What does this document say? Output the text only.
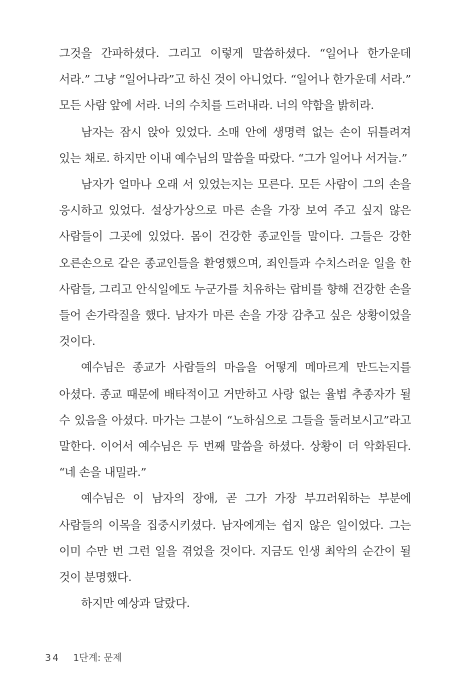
그것을 간파하셨다. 그리고 이렇게 말씀하셨다. “일어나 한가운데 서라.” 그냥 “일어나라”고 하신 것이 아니었다. “일어나 한가운데 서라.” 모든 사람 앞에 서라. 너의 수치를 드러내라. 너의 약함을 밝히라.

남자는 잠시 앉아 있었다. 소매 안에 생명력 없는 손이 뒤틀려져 있는 채로. 하지만 이내 예수님의 말씀을 따랐다. “그가 일어나 서거늘.”

남자가 얼마나 오래 서 있었는지는 모른다. 모든 사람이 그의 손을 응시하고 있었다. 설상가상으로 마른 손을 가장 보여 주고 싶지 않은 사람들이 그곳에 있었다. 몸이 건강한 종교인들 말이다. 그들은 강한 오른손으로 같은 종교인들을 환영했으며, 죄인들과 수치스러운 일을 한 사람들, 그리고 안식일에도 누군가를 치유하는 랍비를 향해 건강한 손을 들어 손가락질을 했다. 남자가 마른 손을 가장 감추고 싶은 상황이었을 것이다.

예수님은 종교가 사람들의 마음을 어떻게 메마르게 만드는지를 아셨다. 종교 때문에 배타적이고 거만하고 사랑 없는 율법 추종자가 될 수 있음을 아셨다. 마가는 그분이 “노하심으로 그들을 둘러보시고”라고 말한다. 이어서 예수님은 두 번째 말씀을 하셨다. 상황이 더 악화된다. “네 손을 내밀라.”

예수님은 이 남자의 장애, 곧 그가 가장 부끄러워하는 부분에 사람들의 이목을 집중시키셨다. 남자에게는 쉽지 않은 일이었다. 그는 이미 수만 번 그런 일을 겪었을 것이다. 지금도 인생 최악의 순간이 될 것이 분명했다.

하지만 예상과 달랐다.

34 1단계: 문제
